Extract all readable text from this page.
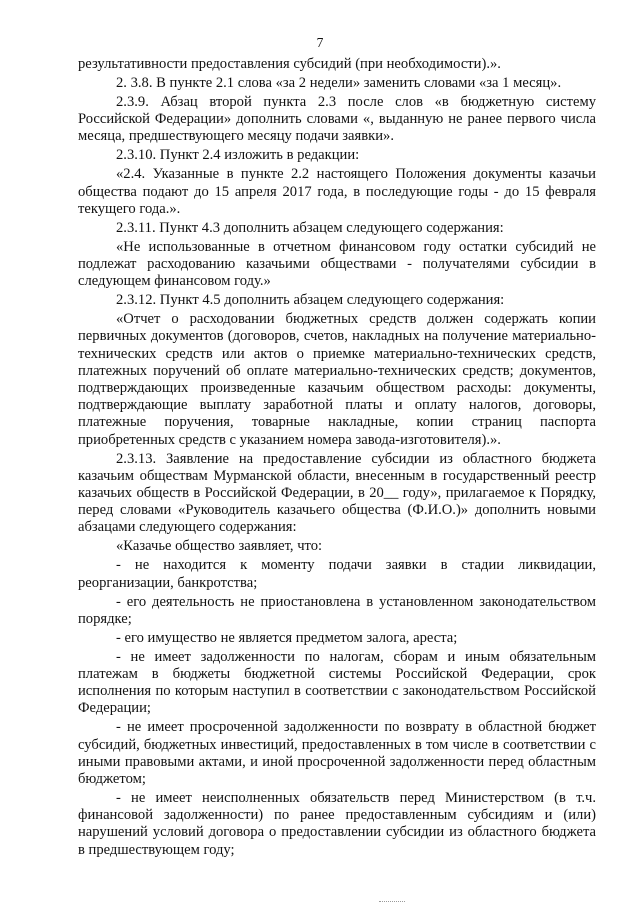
7

результативности предоставления субсидий (при необходимости).».

2. 3.8. В пункте 2.1 слова «за 2 недели» заменить словами «за 1 месяц».

2.3.9. Абзац второй пункта 2.3 после слов «в бюджетную систему Российской Федерации» дополнить словами «, выданную не ранее первого числа месяца, предшествующего месяцу подачи заявки».

2.3.10. Пункт 2.4 изложить в редакции:

«2.4. Указанные в пункте 2.2 настоящего Положения документы казачьи общества подают до 15 апреля 2017 года, в последующие годы - до 15 февраля текущего года.».

2.3.11. Пункт 4.3 дополнить абзацем следующего содержания:

«Не использованные в отчетном финансовом году остатки субсидий не подлежат расходованию казачьими обществами - получателями субсидии в следующем финансовом году.»

2.3.12. Пункт 4.5 дополнить абзацем следующего содержания:

«Отчет о расходовании бюджетных средств должен содержать копии первичных документов (договоров, счетов, накладных на получение материально-технических средств или актов о приемке материально-технических средств, платежных поручений об оплате материально-технических средств; документов, подтверждающих произведенные казачьим обществом расходы: документы, подтверждающие выплату заработной платы и оплату налогов, договоры, платежные поручения, товарные накладные, копии страниц паспорта приобретенных средств с указанием номера завода-изготовителя).».

2.3.13. Заявление на предоставление субсидии из областного бюджета казачьим обществам Мурманской области, внесенным в государственный реестр казачьих обществ в Российской Федерации, в 20__ году», прилагаемое к Порядку, перед словами «Руководитель казачьего общества (Ф.И.О.)» дополнить новыми абзацами следующего содержания:

«Казачье общество заявляет, что:

- не находится к моменту подачи заявки в стадии ликвидации, реорганизации, банкротства;

- его деятельность не приостановлена в установленном законодательством порядке;

- его имущество не является предметом залога, ареста;

- не имеет задолженности по налогам, сборам и иным обязательным платежам в бюджеты бюджетной системы Российской Федерации, срок исполнения по которым наступил в соответствии с законодательством Российской Федерации;

- не имеет просроченной задолженности по возврату в областной бюджет субсидий, бюджетных инвестиций, предоставленных в том числе в соответствии с иными правовыми актами, и иной просроченной задолженности перед областным бюджетом;

- не имеет неисполненных обязательств перед Министерством (в т.ч. финансовой задолженности) по ранее предоставленным субсидиям и (или) нарушений условий договора о предоставлении субсидии из областного бюджета в предшествующем году;
